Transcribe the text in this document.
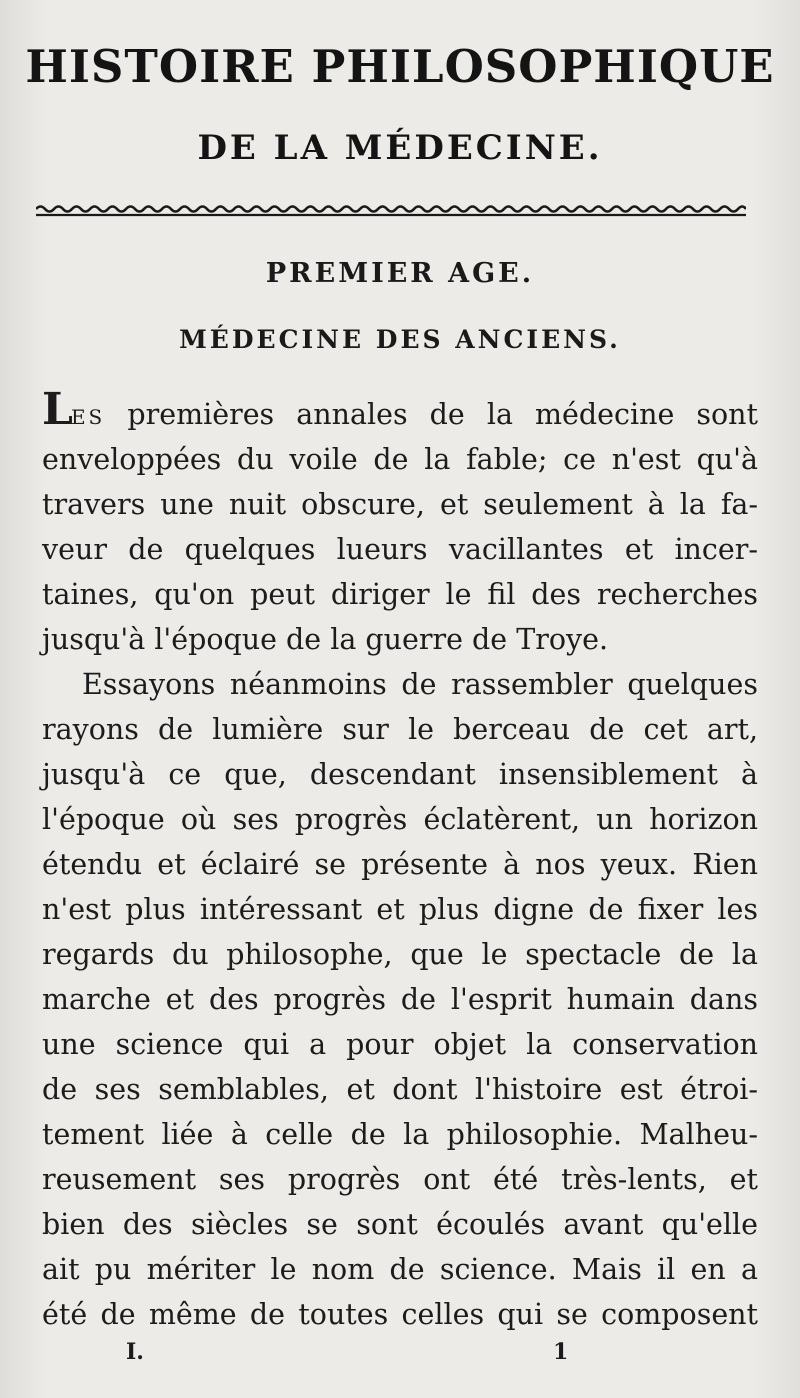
HISTOIRE PHILOSOPHIQUE
DE LA MÉDECINE.
PREMIER AGE.
MÉDECINE DES ANCIENS.
LES premières annales de la médecine sont
enveloppées du voile de la fable; ce n'est qu'à
travers une nuit obscure, et seulement à la fa-
veur de quelques lueurs vacillantes et incer-
taines, qu'on peut diriger le fil des recherches
jusqu'à l'époque de la guerre de Troye.
Essayons néanmoins de rassembler quelques
rayons de lumière sur le berceau de cet art,
jusqu'à ce que, descendant insensiblement à
l'époque où ses progrès éclatèrent, un horizon
étendu et éclairé se présente à nos yeux. Rien
n'est plus intéressant et plus digne de fixer les
regards du philosophe, que le spectacle de la
marche et des progrès de l'esprit humain dans
une science qui a pour objet la conservation
de ses semblables, et dont l'histoire est étroi-
tement liée à celle de la philosophie. Malheu-
reusement ses progrès ont été très-lents, et
bien des siècles se sont écoulés avant qu'elle
ait pu mériter le nom de science. Mais il en a
été de même de toutes celles qui se composent
I.	1
